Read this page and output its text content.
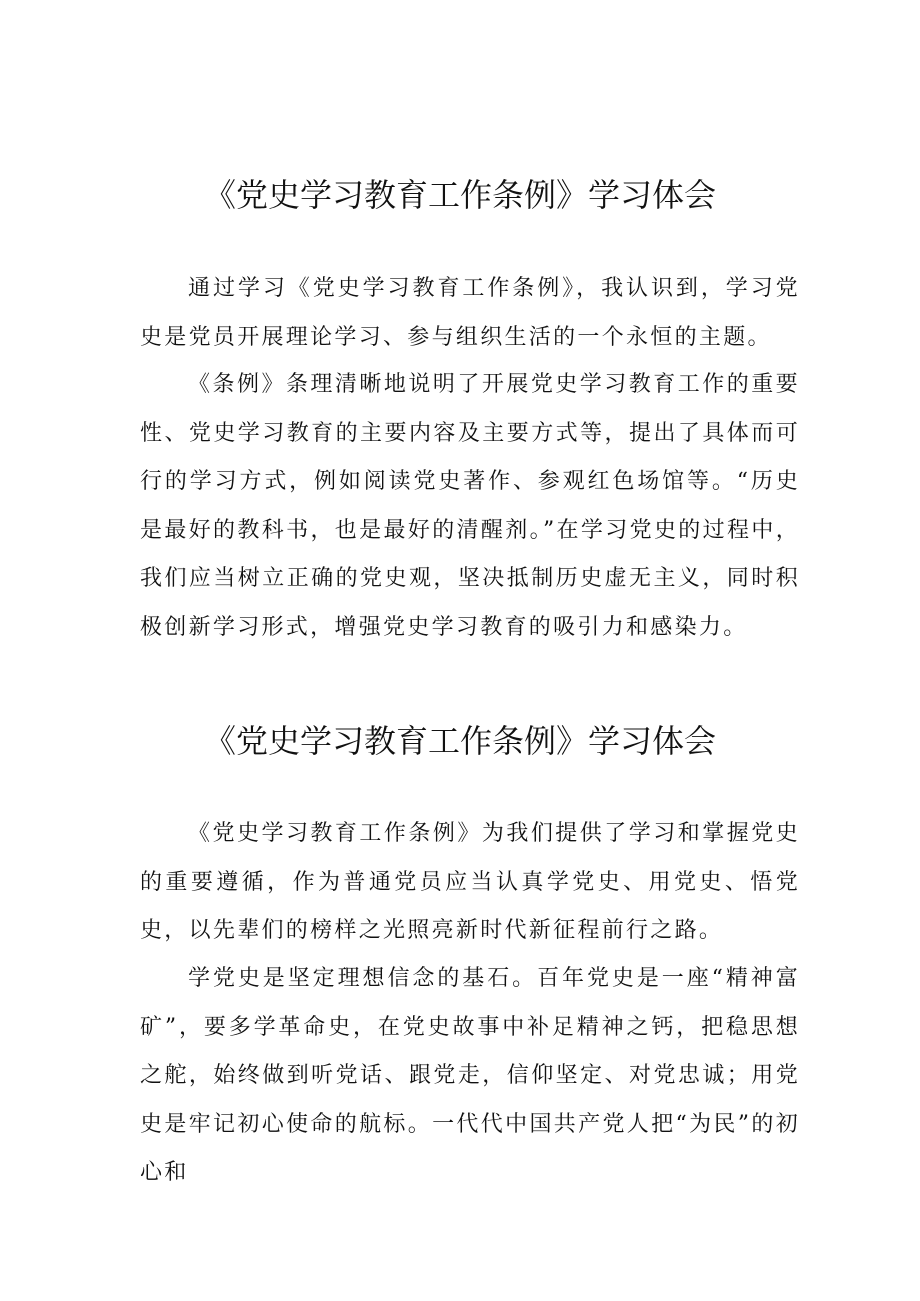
《党史学习教育工作条例》学习体会

通过学习《党史学习教育工作条例》，我认识到，学习党史是党员开展理论学习、参与组织生活的一个永恒的主题。

《条例》条理清晰地说明了开展党史学习教育工作的重要性、党史学习教育的主要内容及主要方式等，提出了具体而可行的学习方式，例如阅读党史著作、参观红色场馆等。“历史是最好的教科书，也是最好的清醒剂。”在学习党史的过程中，我们应当树立正确的党史观，坚决抵制历史虚无主义，同时积极创新学习形式，增强党史学习教育的吸引力和感染力。

《党史学习教育工作条例》学习体会

《党史学习教育工作条例》为我们提供了学习和掌握党史的重要遵循，作为普通党员应当认真学党史、用党史、悟党史，以先辈们的榜样之光照亮新时代新征程前行之路。

学党史是坚定理想信念的基石。百年党史是一座“精神富矿”，要多学革命史，在党史故事中补足精神之钙，把稳思想之舵，始终做到听党话、跟党走，信仰坚定、对党忠诚；用党史是牢记初心使命的航标。一代代中国共产党人把“为民”的初心和
